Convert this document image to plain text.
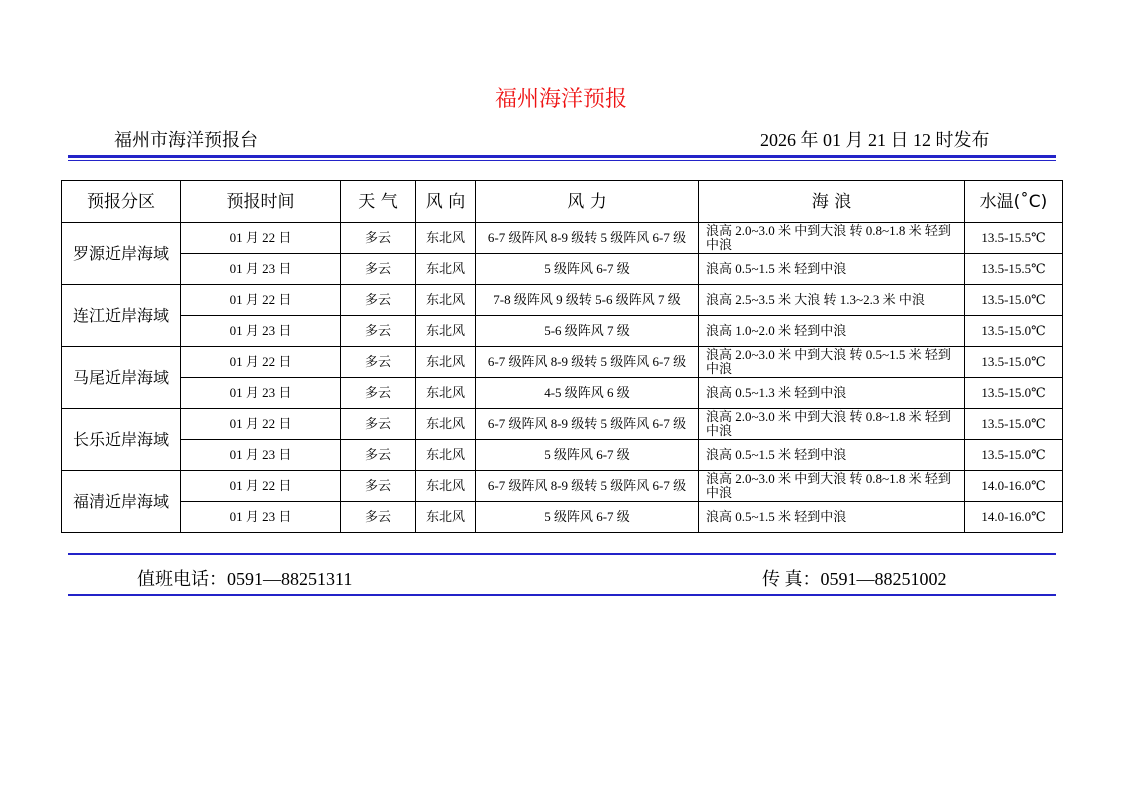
福州海洋预报
福州市海洋预报台	2026 年 01 月 21 日 12 时发布
预报分区	预报时间	天 气	风 向	风 力	海 浪	水温(˚C)
罗源近岸海域	01 月 22 日	多云	东北风	6-7 级阵风 8-9 级转 5 级阵风 6-7 级	浪高 2.0~3.0 米 中到大浪 转 0.8~1.8 米 轻到中浪	13.5-15.5℃
	01 月 23 日	多云	东北风	5 级阵风 6-7 级	浪高 0.5~1.5 米 轻到中浪	13.5-15.5℃
连江近岸海域	01 月 22 日	多云	东北风	7-8 级阵风 9 级转 5-6 级阵风 7 级	浪高 2.5~3.5 米 大浪 转 1.3~2.3 米 中浪	13.5-15.0℃
	01 月 23 日	多云	东北风	5-6 级阵风 7 级	浪高 1.0~2.0 米 轻到中浪	13.5-15.0℃
马尾近岸海域	01 月 22 日	多云	东北风	6-7 级阵风 8-9 级转 5 级阵风 6-7 级	浪高 2.0~3.0 米 中到大浪 转 0.5~1.5 米 轻到中浪	13.5-15.0℃
	01 月 23 日	多云	东北风	4-5 级阵风 6 级	浪高 0.5~1.3 米 轻到中浪	13.5-15.0℃
长乐近岸海域	01 月 22 日	多云	东北风	6-7 级阵风 8-9 级转 5 级阵风 6-7 级	浪高 2.0~3.0 米 中到大浪 转 0.8~1.8 米 轻到中浪	13.5-15.0℃
	01 月 23 日	多云	东北风	5 级阵风 6-7 级	浪高 0.5~1.5 米 轻到中浪	13.5-15.0℃
福清近岸海域	01 月 22 日	多云	东北风	6-7 级阵风 8-9 级转 5 级阵风 6-7 级	浪高 2.0~3.0 米 中到大浪 转 0.8~1.8 米 轻到中浪	14.0-16.0℃
	01 月 23 日	多云	东北风	5 级阵风 6-7 级	浪高 0.5~1.5 米 轻到中浪	14.0-16.0℃
值班电话：0591—88251311	传 真：0591—88251002
